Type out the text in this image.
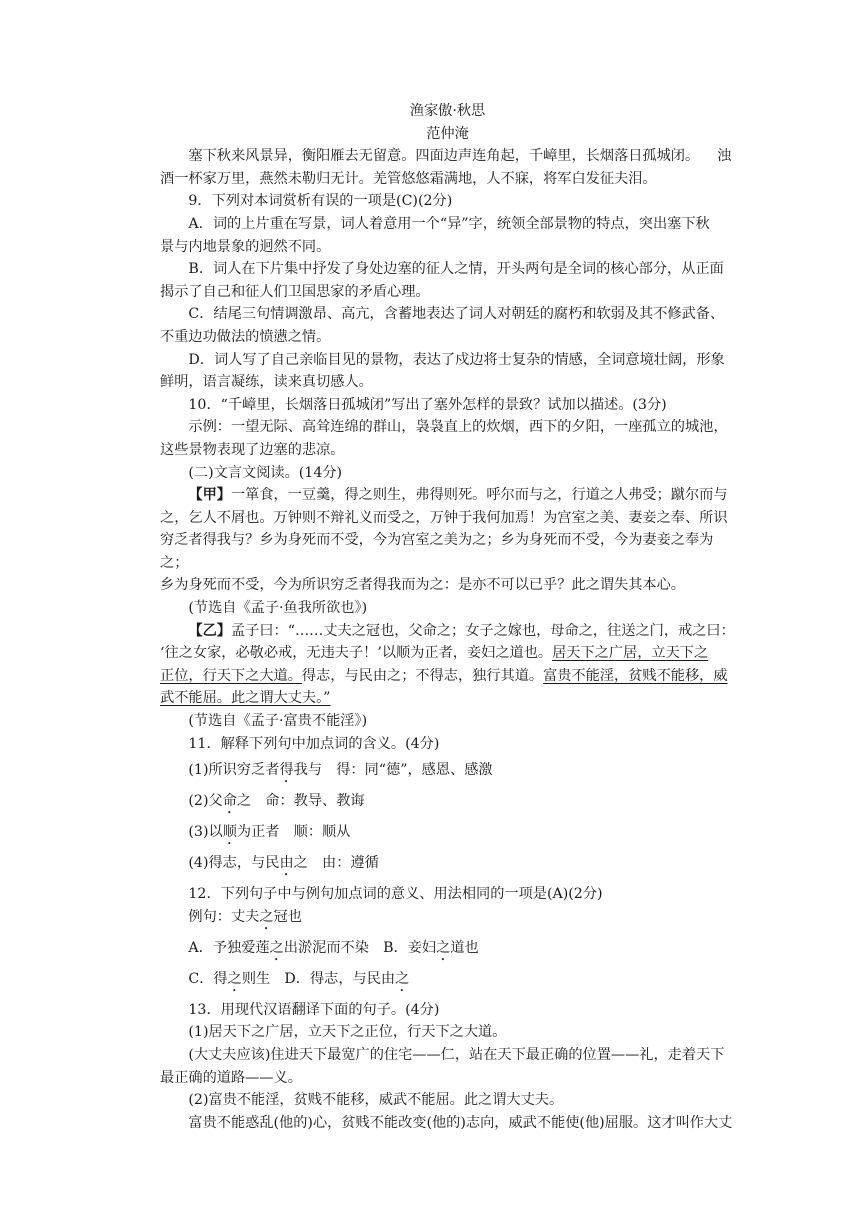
渔家傲·秋思
范仲淹
塞下秋来风景异，衡阳雁去无留意。四面边声连角起，千嶂里，长烟落日孤城闭。    浊
酒一杯家万里，燕然未勒归无计。羌管悠悠霜满地，人不寐，将军白发征夫泪。
9．下列对本词赏析有误的一项是(C)(2分)
A．词的上片重在写景，词人着意用一个“异”字，统领全部景物的特点，突出塞下秋
景与内地景象的迥然不同。
B．词人在下片集中抒发了身处边塞的征人之情，开头两句是全词的核心部分，从正面
揭示了自己和征人们卫国思家的矛盾心理。
C．结尾三句情调激昂、高亢，含蓄地表达了词人对朝廷的腐朽和软弱及其不修武备、
不重边功做法的愤懑之情。
D．词人写了自己亲临目见的景物，表达了戍边将士复杂的情感，全词意境壮阔，形象
鲜明，语言凝练，读来真切感人。
10．“千嶂里，长烟落日孤城闭”写出了塞外怎样的景致？试加以描述。(3分)
示例：一望无际、高耸连绵的群山，袅袅直上的炊烟，西下的夕阳，一座孤立的城池，
这些景物表现了边塞的悲凉。
(二)文言文阅读。(14分)
【甲】一箪食，一豆羹，得之则生，弗得则死。呼尔而与之，行道之人弗受；蹴尔而与
之，乞人不屑也。万钟则不辩礼义而受之，万钟于我何加焉！为宫室之美、妻妾之奉、所识
穷乏者得我与？乡为身死而不受，今为宫室之美为之；乡为身死而不受，今为妻妾之奉为之；
乡为身死而不受，今为所识穷乏者得我而为之：是亦不可以已乎？此之谓失其本心。
(节选自《孟子·鱼我所欲也》)
【乙】孟子曰：“……丈夫之冠也，父命之；女子之嫁也，母命之，往送之门，戒之曰：
‘往之女家，必敬必戒，无违夫子！’以顺为正者，妾妇之道也。居天下之广居，立天下之
正位，行天下之大道。得志，与民由之；不得志，独行其道。富贵不能淫，贫贱不能移，威
武不能屈。此之谓大丈夫。”
(节选自《孟子·富贵不能淫》)
11．解释下列句中加点词的含义。(4分)
(1)所识穷乏者得我与　得：同“德”，感恩、感激
(2)父命之　命：教导、教诲
(3)以顺为正者　顺：顺从
(4)得志，与民由之　由：遵循
12．下列句子中与例句加点词的意义、用法相同的一项是(A)(2分)
例句：丈夫之冠也
A．予独爱莲之出淤泥而不染　B．妾妇之道也
C．得之则生　D．得志，与民由之
13．用现代汉语翻译下面的句子。(4分)
(1)居天下之广居，立天下之正位，行天下之大道。
(大丈夫应该)住进天下最宽广的住宅——仁，站在天下最正确的位置——礼，走着天下
最正确的道路——义。
(2)富贵不能淫，贫贱不能移，威武不能屈。此之谓大丈夫。
富贵不能惑乱(他的)心，贫贱不能改变(他的)志向，威武不能使(他)屈服。这才叫作大丈
